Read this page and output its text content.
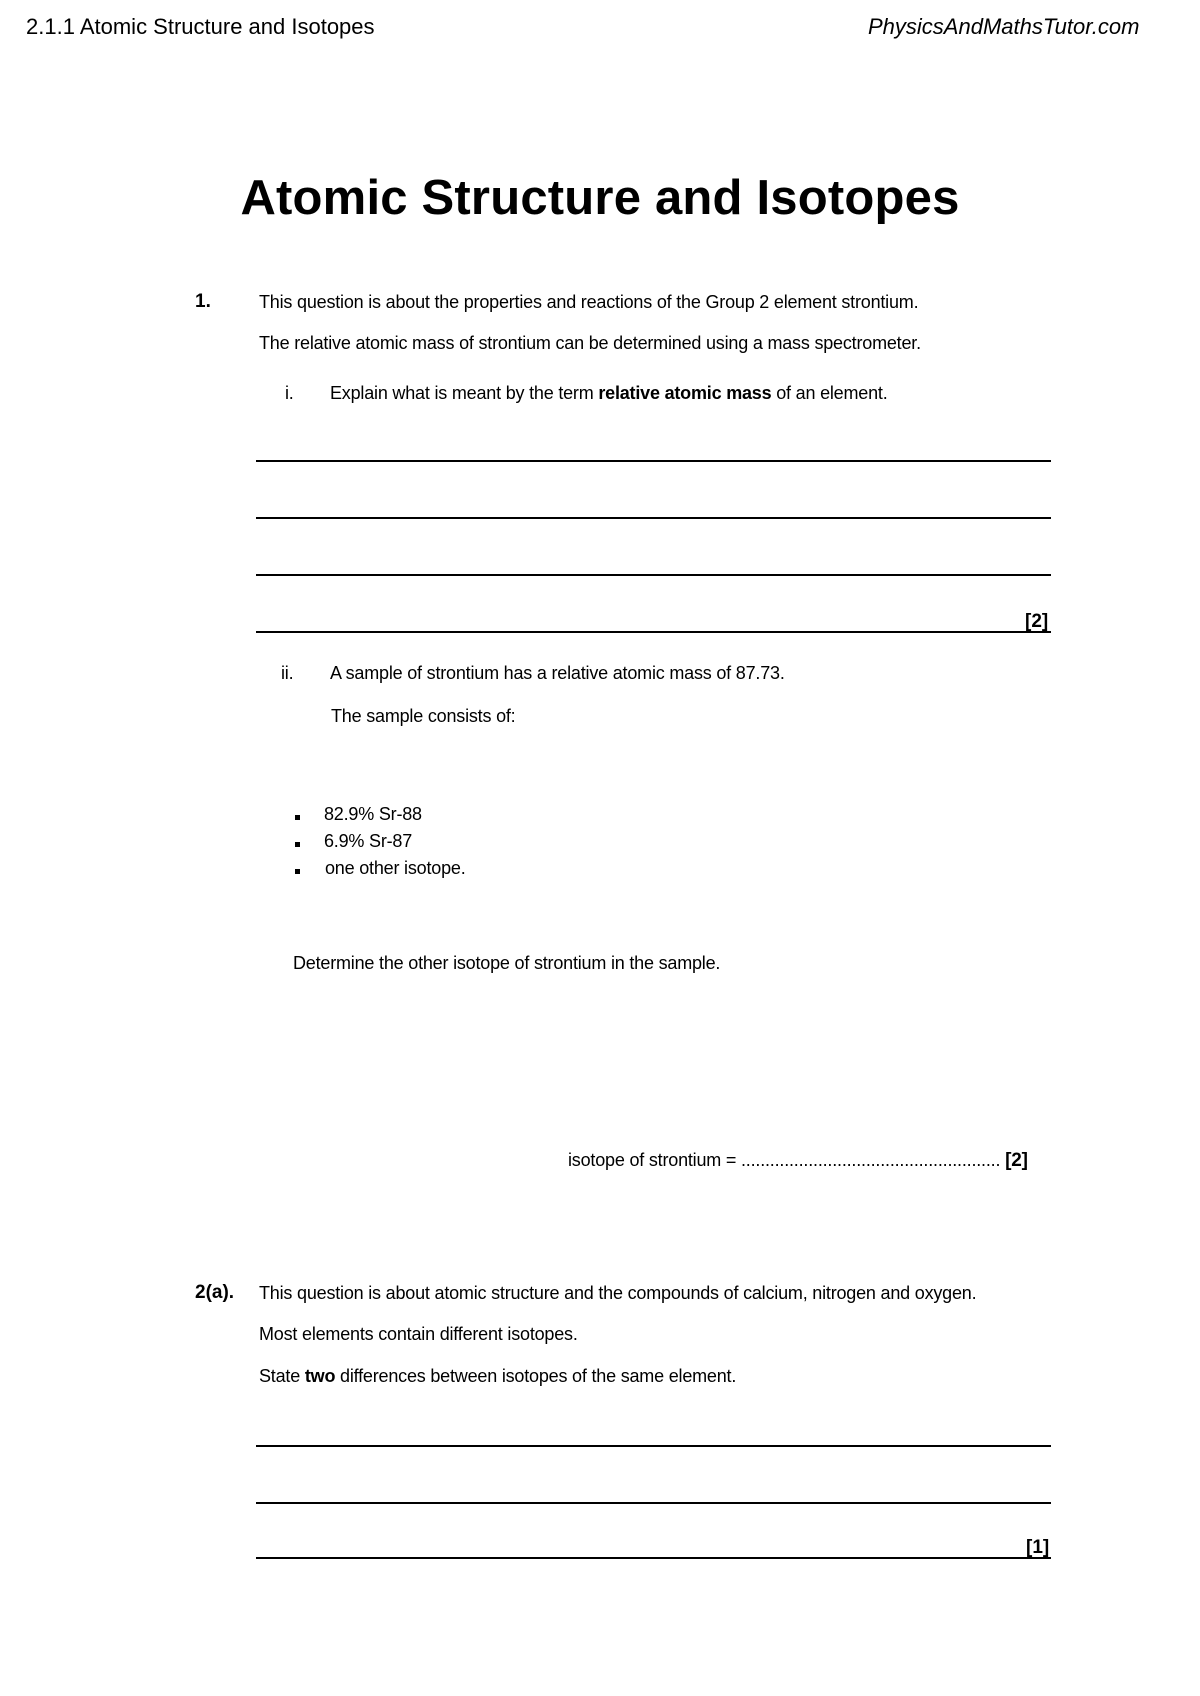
2.1.1 Atomic Structure and Isotopes	PhysicsAndMathsTutor.com
Atomic Structure and Isotopes
1.	This question is about the properties and reactions of the Group 2 element strontium.
The relative atomic mass of strontium can be determined using a mass spectrometer.
i. Explain what is meant by the term relative atomic mass of an element.
[2]
ii. A sample of strontium has a relative atomic mass of 87.73.
The sample consists of:
82.9% Sr-88
6.9% Sr-87
one other isotope.
Determine the other isotope of strontium in the sample.
isotope of strontium = ...................................................... [2]
2(a). This question is about atomic structure and the compounds of calcium, nitrogen and oxygen.
Most elements contain different isotopes.
State two differences between isotopes of the same element.
[1]
